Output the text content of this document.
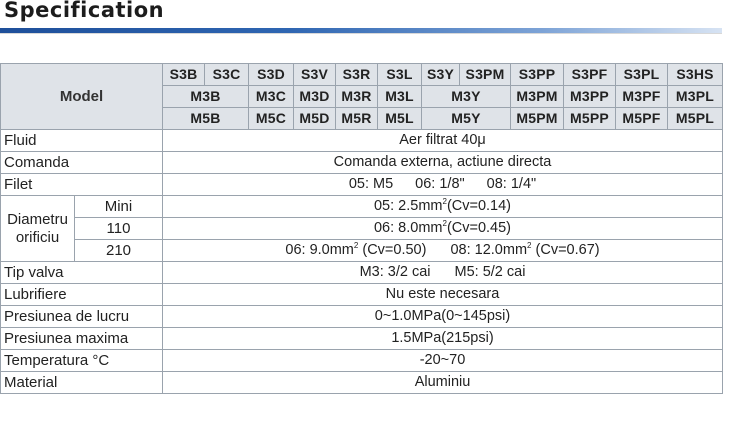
Specification
Model		S3B	S3C	S3D	S3V	S3R	S3L	S3Y	S3PM	S3PP	S3PF	S3PL	S3HS	
		M3B		M3C	M3D	M3R	M3L	M3Y		M3PM	M3PP	M3PF	M3PL	
		M5B		M5C	M5D	M5R	M5L	M5Y		M5PM	M5PP	M5PF	M5PL	
Fluid		Aer filtrat 40μ												
Comanda		Comanda externa, actiune directa												
Filet		05: M5 06: 1/8" 08: 1/4"												
Diametru
orificiu	Mini	05: $2.5mm^2(Cv=0.14)$												
	110	06: $8.0mm^2(Cv=0.45)$												
	210	06: $9.0mm^2$ (Cv=0.50) 08: $12.0mm^2$ (Cv=0.67)												
Tip valva		M3: 3/2 cai M5: 5/2 cai												
Lubrifiere		Nu este necesara												
Presiunea de lucru		0~1.0MPa(0~145psi)												
Presiunea maxima		1.5MPa(215psi)												
Temperatura °C		-20~70												
Material		Aluminiu												
